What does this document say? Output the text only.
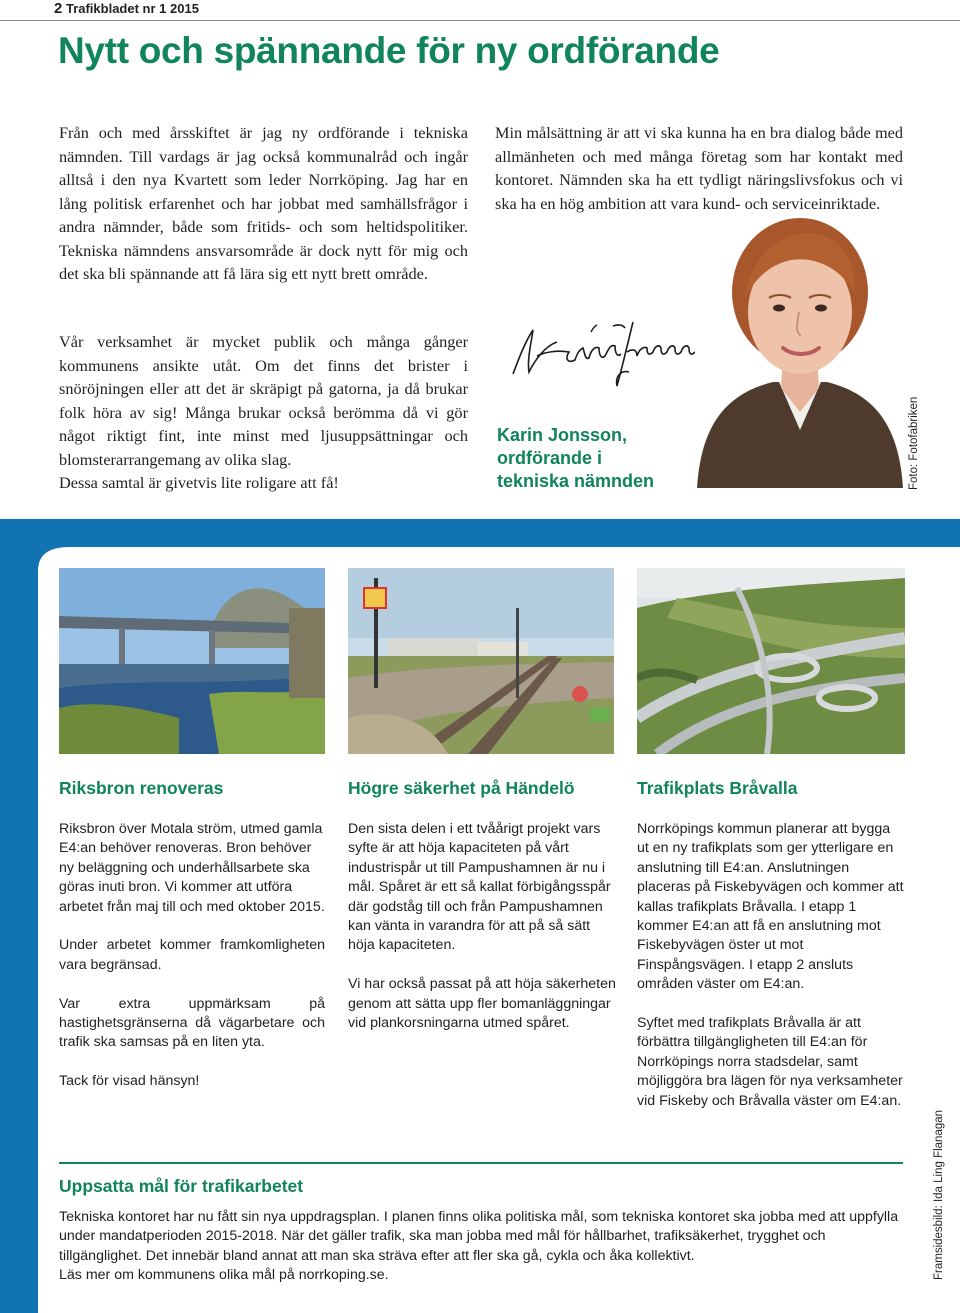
2 Trafikbladet nr 1 2015
Nytt och spännande för ny ordförande
Från och med årsskiftet är jag ny ordförande i tekniska nämnden. Till vardags är jag också kommunalråd och ingår alltså i den nya Kvartett som leder Norrköping. Jag har en lång politisk erfarenhet och har jobbat med samhällsfrågor i andra nämnder, både som fritids- och som heltidspolitiker. Tekniska nämndens ansvarsområde är dock nytt för mig och det ska bli spännande att få lära sig ett nytt brett område.
Vår verksamhet är mycket publik och många gånger kommunens ansikte utåt. Om det finns det brister i snöröjningen eller att det är skräpigt på gatorna, ja då brukar folk höra av sig! Många brukar också berömma då vi gör något riktigt fint, inte minst med ljusuppsättningar och blomsterarrangemang av olika slag.
Dessa samtal är givetvis lite roligare att få!
Min målsättning är att vi ska kunna ha en bra dialog både med allmänheten och med många företag som har kontakt med kontoret. Nämnden ska ha ett tydligt näringslivsfokus och vi ska ha en hög ambition att vara kund- och serviceinriktade.
Karin Jonsson,
ordförande i
tekniska nämnden	Foto: Fotofabriken
Riksbron renoveras	Högre säkerhet på Händelö	Trafikplats Bråvalla

Riksbron över Motala ström, utmed gamla E4:an behöver renoveras. Bron behöver ny beläggning och underhållsarbete ska göras inuti bron. Vi kommer att utföra arbetet från maj till och med oktober 2015.

Under arbetet kommer framkomligheten vara begränsad.

Var extra uppmärksam på hastighetsgränserna då vägarbetare och trafik ska samsas på en liten yta.

Tack för visad hänsyn!

Den sista delen i ett tvåårigt projekt vars syfte är att höja kapaciteten på vårt industrispår ut till Pampushamnen är nu i mål. Spåret är ett så kallat förbigångsspår där godståg till och från Pampushamnen kan vänta in varandra för att på så sätt höja kapaciteten.

Vi har också passat på att höja säkerheten genom att sätta upp fler bomanläggningar vid plankorsningarna utmed spåret.

Norrköpings kommun planerar att bygga ut en ny trafikplats som ger ytterligare en anslutning till E4:an. Anslutningen placeras på Fiskebyvägen och kommer att kallas trafikplats Bråvalla. I etapp 1 kommer E4:an att få en anslutning mot Fiskebyvägen öster ut mot Finspångsvägen. I etapp 2 ansluts områden väster om E4:an.

Syftet med trafikplats Bråvalla är att förbättra tillgängligheten till E4:an för Norrköpings norra stadsdelar, samt möjliggöra bra lägen för nya verksamheter vid Fiskeby och Bråvalla väster om E4:an.

Uppsatta mål för trafikarbetet

Tekniska kontoret har nu fått sin nya uppdragsplan. I planen finns olika politiska mål, som tekniska kontoret ska jobba med att uppfylla under mandatperioden 2015-2018. När det gäller trafik, ska man jobba med mål för hållbarhet, trafiksäkerhet, trygghet och tillgänglighet. Det innebär bland annat att man ska sträva efter att fler ska gå, cykla och åka kollektivt.

Läs mer om kommunens olika mål på norrkoping.se.	Framsidesbild: Ida Ling Flanagan
